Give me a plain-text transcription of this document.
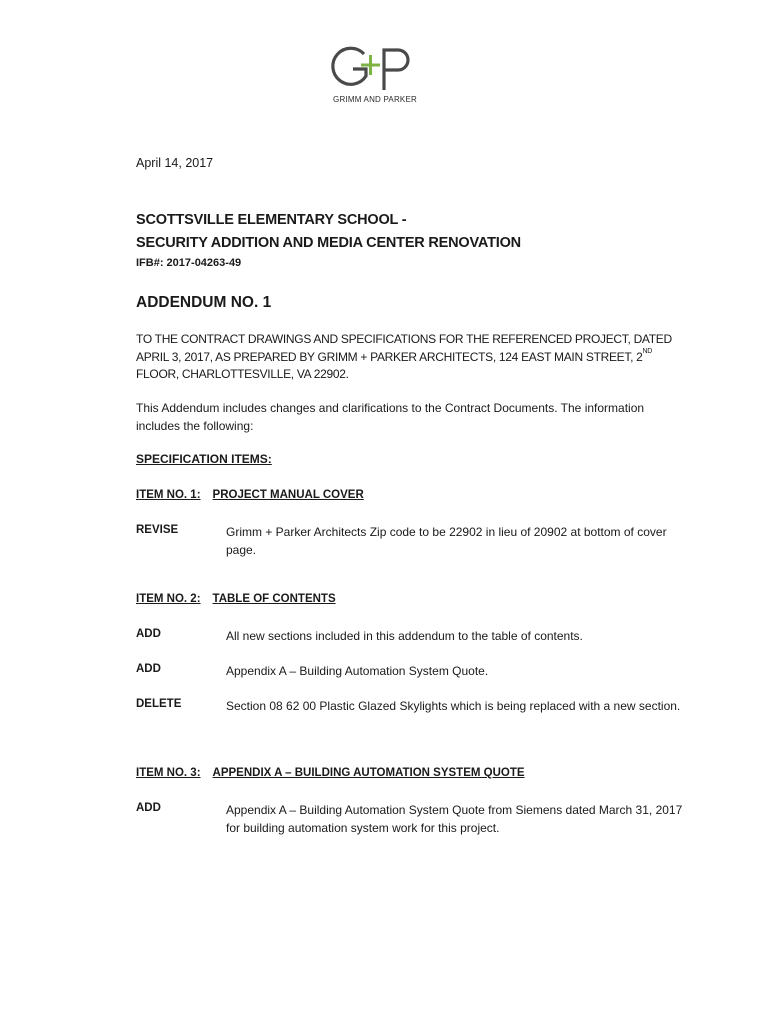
GRIMM AND PARKER
April 14, 2017
SCOTTSVILLE ELEMENTARY SCHOOL -
SECURITY ADDITION AND MEDIA CENTER RENOVATION
IFB#: 2017-04263-49
ADDENDUM NO. 1
TO THE CONTRACT DRAWINGS AND SPECIFICATIONS FOR THE REFERENCED PROJECT, DATED APRIL 3, 2017, AS PREPARED BY GRIMM + PARKER ARCHITECTS, 124 EAST MAIN STREET, 2ND FLOOR, CHARLOTTESVILLE, VA 22902.
This Addendum includes changes and clarifications to the Contract Documents. The information includes the following:
SPECIFICATION ITEMS:
ITEM NO. 1: PROJECT MANUAL COVER
REVISE	Grimm + Parker Architects Zip code to be 22902 in lieu of 20902 at bottom of cover page.
ITEM NO. 2: TABLE OF CONTENTS
ADD	All new sections included in this addendum to the table of contents.
ADD	Appendix A – Building Automation System Quote.
DELETE	Section 08 62 00 Plastic Glazed Skylights which is being replaced with a new section.
ITEM NO. 3: APPENDIX A – BUILDING AUTOMATION SYSTEM QUOTE
ADD	Appendix A – Building Automation System Quote from Siemens dated March 31, 2017 for building automation system work for this project.
